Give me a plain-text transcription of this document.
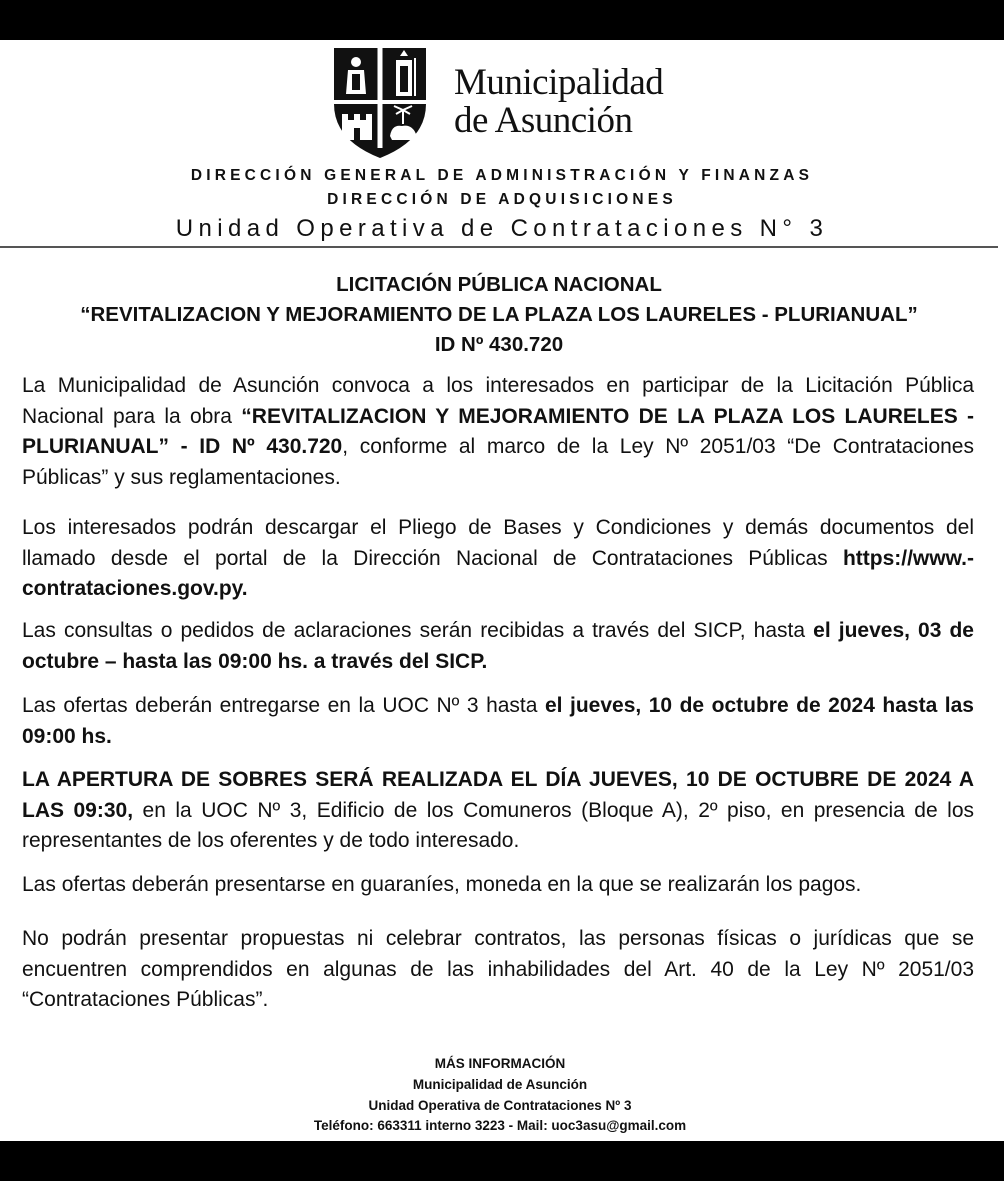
Municipalidad
de Asunción
DIRECCIÓN GENERAL DE ADMINISTRACIÓN Y FINANZAS
DIRECCIÓN DE ADQUISICIONES
Unidad Operativa de Contrataciones N° 3
LICITACIÓN PÚBLICA NACIONAL
“REVITALIZACION Y MEJORAMIENTO DE LA PLAZA LOS LAURELES - PLURIANUAL”
ID Nº 430.720
La Municipalidad de Asunción convoca a los interesados en participar de la Licitación Pública Nacional para la obra “REVITALIZACION Y MEJORAMIENTO DE LA PLAZA LOS LAURELES - PLURIANUAL” - ID Nº 430.720, conforme al marco de la Ley Nº 2051/03 “De Contrataciones Públicas” y sus reglamentaciones.
Los interesados podrán descargar el Pliego de Bases y Condiciones y demás documentos del llamado desde el portal de la Dirección Nacional de Contrataciones Públicas https://www.-contrataciones.gov.py.
Las consultas o pedidos de aclaraciones serán recibidas a través del SICP, hasta el jueves, 03 de octubre – hasta las 09:00 hs. a través del SICP.
Las ofertas deberán entregarse en la UOC Nº 3 hasta el jueves, 10 de octubre de 2024 hasta las 09:00 hs.
LA APERTURA DE SOBRES SERÁ REALIZADA EL DÍA JUEVES, 10 DE OCTUBRE DE 2024 A LAS 09:30, en la UOC Nº 3, Edificio de los Comuneros (Bloque A), 2º piso, en presencia de los representantes de los oferentes y de todo interesado.
Las ofertas deberán presentarse en guaraníes, moneda en la que se realizarán los pagos.
No podrán presentar propuestas ni celebrar contratos, las personas físicas o jurídicas que se encuentren comprendidos en algunas de las inhabilidades del Art. 40 de la Ley Nº 2051/03 “Contrataciones Públicas”.
MÁS INFORMACIÓN
Municipalidad de Asunción
Unidad Operativa de Contrataciones Nº 3
Teléfono: 663311 interno 3223 - Mail: uoc3asu@gmail.com
